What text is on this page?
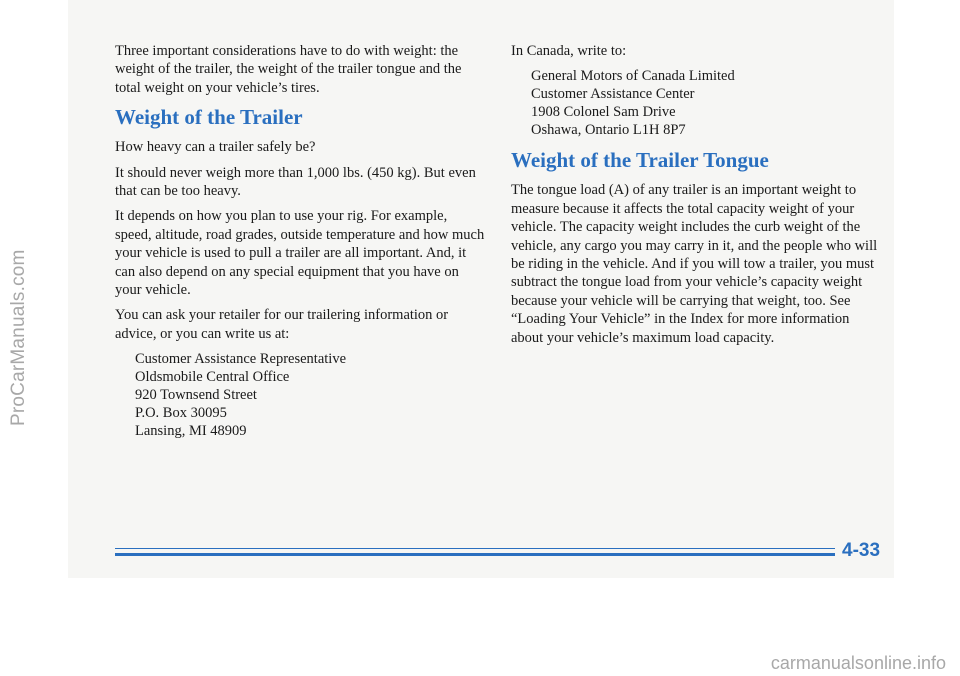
ProCarManuals.com

Three important considerations have to do with weight: the weight of the trailer, the weight of the trailer tongue and the total weight on your vehicle’s tires.

Weight of the Trailer

How heavy can a trailer safely be?

It should never weigh more than 1,000 lbs. (450 kg). But even that can be too heavy.

It depends on how you plan to use your rig. For example, speed, altitude, road grades, outside temperature and how much your vehicle is used to pull a trailer are all important. And, it can also depend on any special equipment that you have on your vehicle.

You can ask your retailer for our trailering information or advice, or you can write us at:

Customer Assistance Representative
Oldsmobile Central Office
920 Townsend Street
P.O. Box 30095
Lansing, MI 48909

In Canada, write to:

General Motors of Canada Limited
Customer Assistance Center
1908 Colonel Sam Drive
Oshawa, Ontario L1H 8P7
Weight of the Trailer Tongue

The tongue load (A) of any trailer is an important weight to measure because it affects the total capacity weight of your vehicle. The capacity weight includes the curb weight of the vehicle, any cargo you may carry in it, and the people who will be riding in the vehicle. And if you will tow a trailer, you must subtract the tongue load from your vehicle’s capacity weight because your vehicle will be carrying that weight, too. See “Loading Your Vehicle” in the Index for more information about your vehicle’s maximum load capacity.

4-33
carmanualsonline.info
